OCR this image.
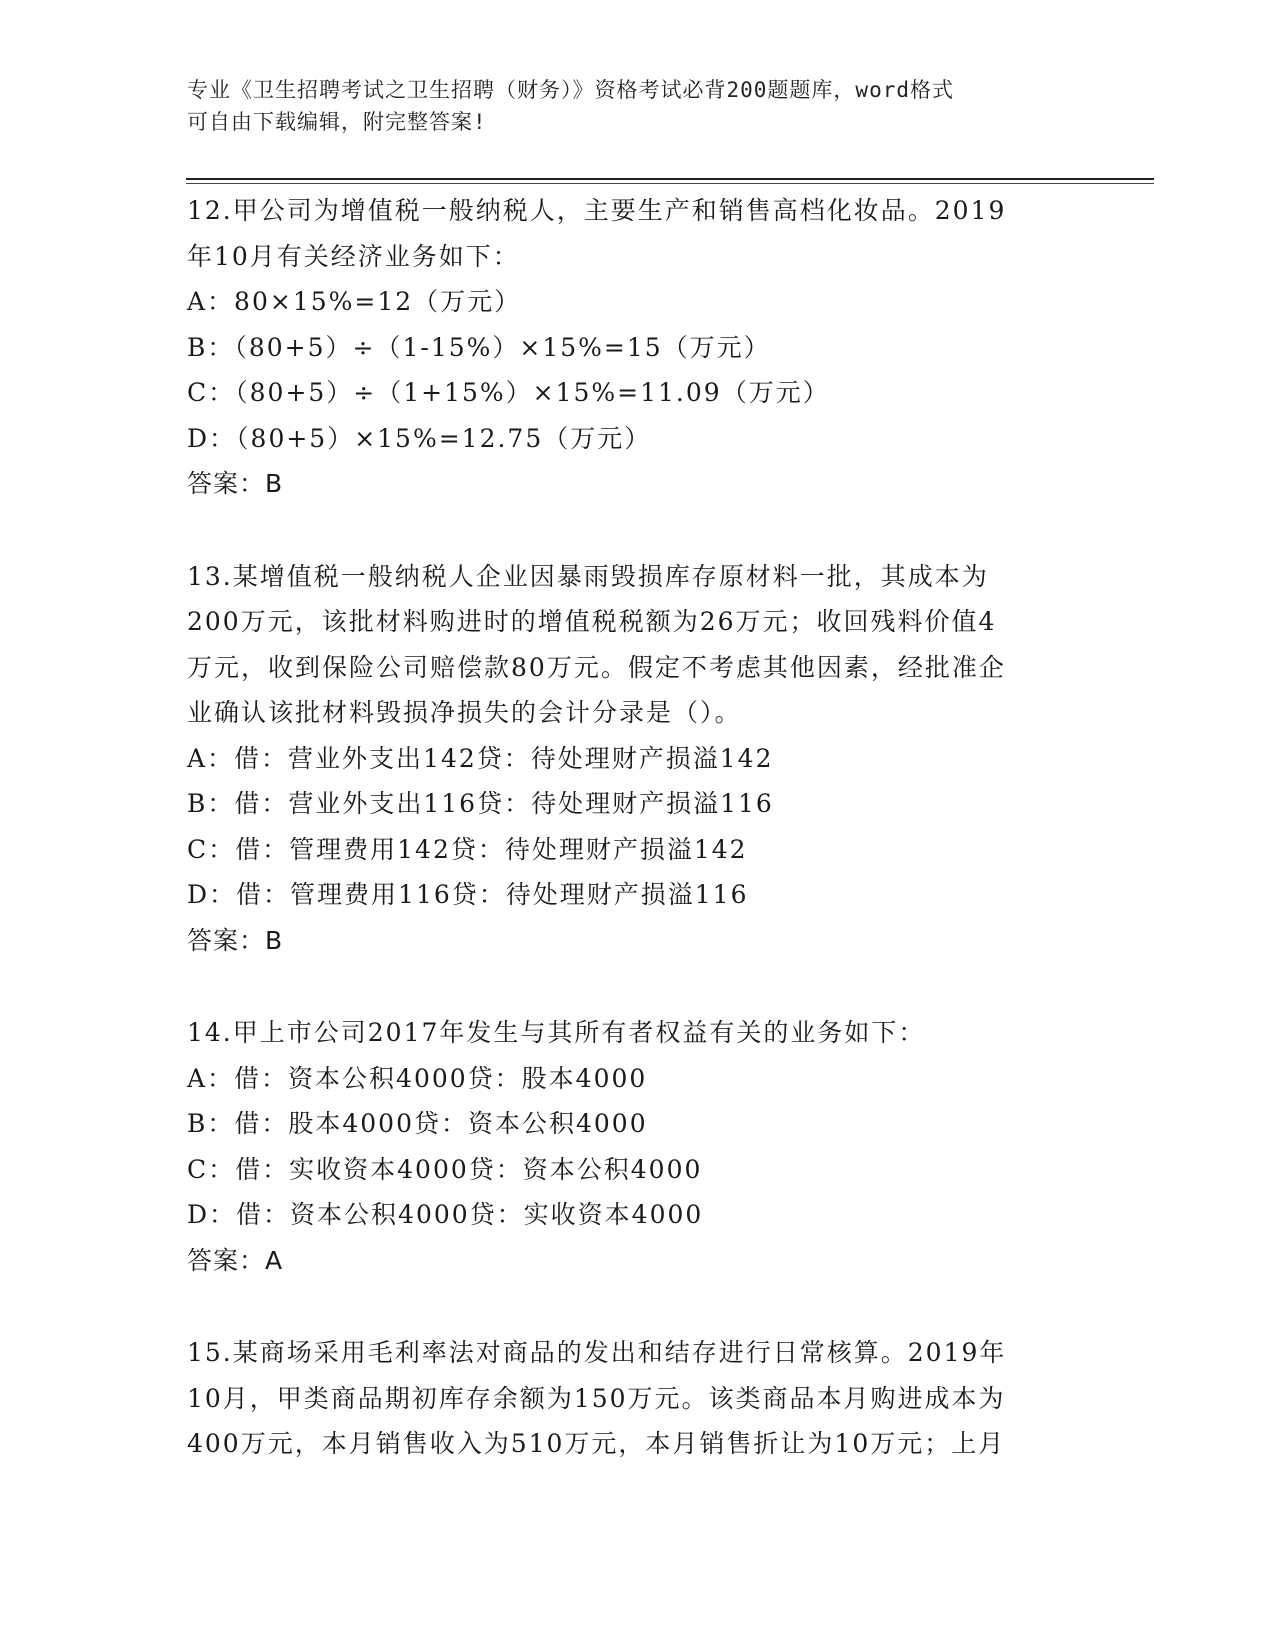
专业《卫生招聘考试之卫生招聘（财务）》资格考试必背200题题库，word格式
可自由下载编辑，附完整答案!
12.甲公司为增值税一般纳税人，主要生产和销售高档化妆品。2019
年10月有关经济业务如下：
A：80×15%=12（万元）
B：（80+5）÷（1-15%）×15%=15（万元）
C：（80+5）÷（1+15%）×15%=11.09（万元）
D：（80+5）×15%=12.75（万元）
答案：B
13.某增值税一般纳税人企业因暴雨毁损库存原材料一批，其成本为
200万元，该批材料购进时的增值税税额为26万元；收回残料价值4
万元，收到保险公司赔偿款80万元。假定不考虑其他因素，经批准企
业确认该批材料毁损净损失的会计分录是（）。
A：借：营业外支出142贷：待处理财产损溢142
B：借：营业外支出116贷：待处理财产损溢116
C：借：管理费用142贷：待处理财产损溢142
D：借：管理费用116贷：待处理财产损溢116
答案：B
14.甲上市公司2017年发生与其所有者权益有关的业务如下：
A：借：资本公积4000贷：股本4000
B：借：股本4000贷：资本公积4000
C：借：实收资本4000贷：资本公积4000
D：借：资本公积4000贷：实收资本4000
答案：A
15.某商场采用毛利率法对商品的发出和结存进行日常核算。2019年
10月，甲类商品期初库存余额为150万元。该类商品本月购进成本为
400万元，本月销售收入为510万元，本月销售折让为10万元；上月
